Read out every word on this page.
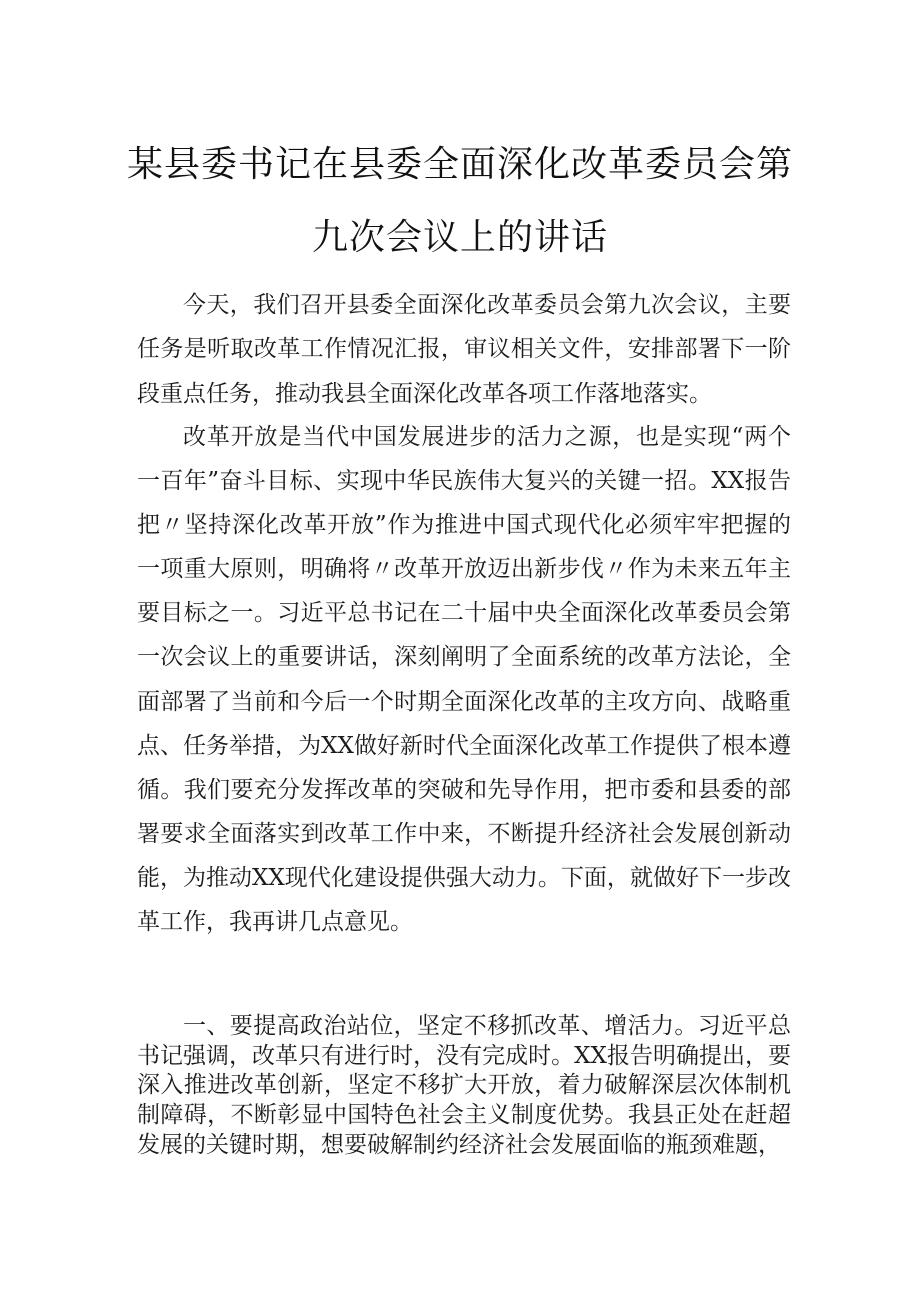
某县委书记在县委全面深化改革委员会第
九次会议上的讲话

今天，我们召开县委全面深化改革委员会第九次会议，主要任务是听取改革工作情况汇报，审议相关文件，安排部署下一阶段重点任务，推动我县全面深化改革各项工作落地落实。

改革开放是当代中国发展进步的活力之源，也是实现“两个一百年”奋斗目标、实现中华民族伟大复兴的关键一招。XX报告把〃坚持深化改革开放”作为推进中国式现代化必须牢牢把握的一项重大原则，明确将〃改革开放迈出新步伐〃作为未来五年主要目标之一。习近平总书记在二十届中央全面深化改革委员会第一次会议上的重要讲话，深刻阐明了全面系统的改革方法论，全面部署了当前和今后一个时期全面深化改革的主攻方向、战略重点、任务举措，为XX做好新时代全面深化改革工作提供了根本遵循。我们要充分发挥改革的突破和先导作用，把市委和县委的部署要求全面落实到改革工作中来，不断提升经济社会发展创新动能，为推动XX现代化建设提供强大动力。下面，就做好下一步改革工作，我再讲几点意见。

一、要提高政治站位，坚定不移抓改革、增活力。习近平总书记强调，改革只有进行时，没有完成时。XX报告明确提出，要深入推进改革创新，坚定不移扩大开放，着力破解深层次体制机制障碍，不断彰显中国特色社会主义制度优势。我县正处在赶超发展的关键时期，想要破解制约经济社会发展面临的瓶颈难题，
